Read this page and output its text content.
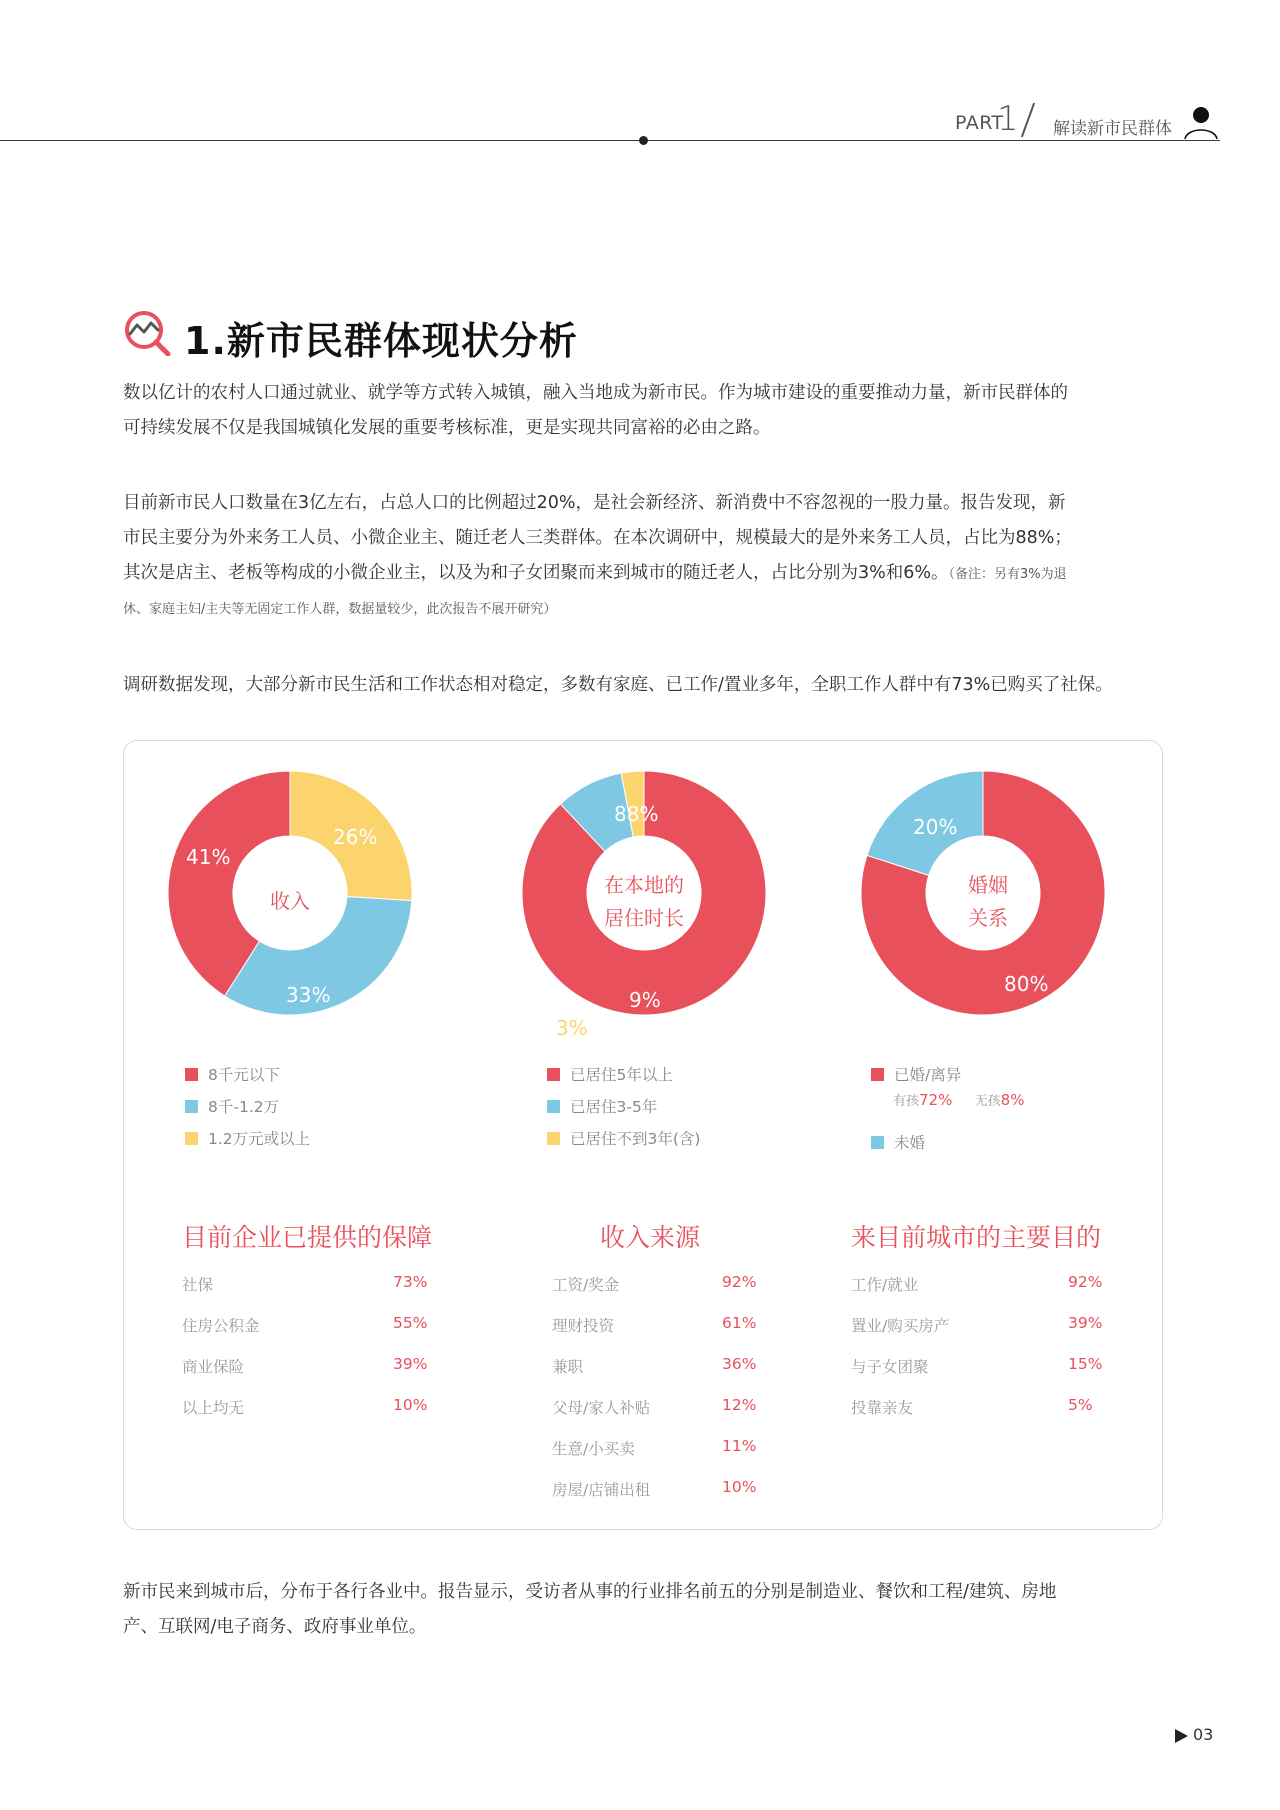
PART
1 解读新市民群体
1.新市民群体现状分析
数以亿计的农村人口通过就业、就学等方式转入城镇，融入当地成为新市民。作为城市建设的重要推动力量，新市民群体的
可持续发展不仅是我国城镇化发展的重要考核标准，更是实现共同富裕的必由之路。
目前新市民人口数量在3亿左右，占总人口的比例超过20%，是社会新经济、新消费中不容忽视的一股力量。报告发现，新
市民主要分为外来务工人员、小微企业主、随迁老人三类群体。在本次调研中，规模最大的是外来务工人员，占比为88%；
其次是店主、老板等构成的小微企业主，以及为和子女团聚而来到城市的随迁老人，占比分别为3%和6%。（备注：另有3%为退
休、家庭主妇/主夫等无固定工作人群，数据量较少，此次报告不展开研究）
调研数据发现，大部分新市民生活和工作状态相对稳定，多数有家庭、已工作/置业多年，全职工作人群中有73%已购买了社保。
41%
33%
26%
收入
88%
9%
3%
在本地的
居住时长
80%
20%
婚姻
关系
8千元以下
8千-1.2万
1.2万元或以上
已居住5年以上
已居住3-5年
已居住不到3年(含)
已婚/离异
有孩72% 无孩8%
未婚
目前企业已提供的保障
社保	73%
住房公积金	55%
商业保险	39%
以上均无	10%
收入来源
工资/奖金	92%
理财投资	61%
兼职	36%
父母/家人补贴	12%
生意/小买卖	11%
房屋/店铺出租	10%
来目前城市的主要目的
工作/就业	92%
置业/购买房产	39%
与子女团聚	15%
投靠亲友	5%
新市民来到城市后，分布于各行各业中。报告显示，受访者从事的行业排名前五的分别是制造业、餐饮和工程/建筑、房地
产、互联网/电子商务、政府事业单位。
03
